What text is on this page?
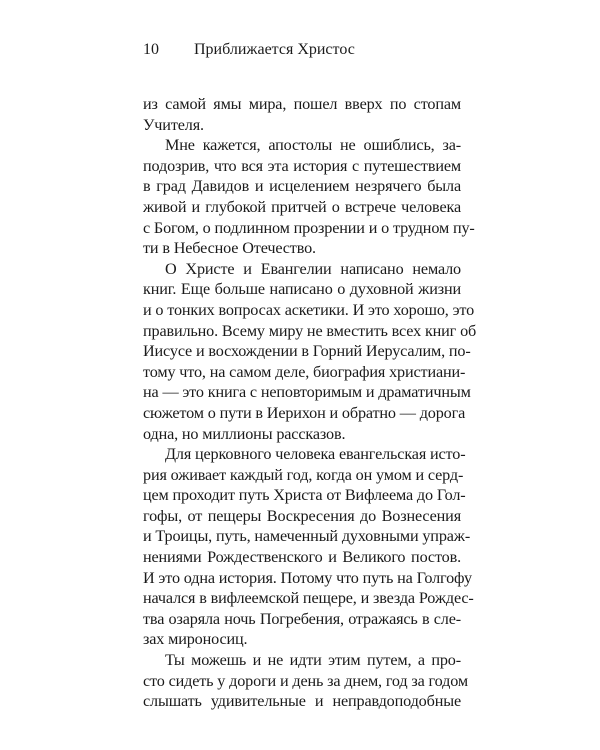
10 Приближается Христос
из самой ямы мира, пошел вверх по стопам
Учителя.
Мне кажется, апостолы не ошиблись, за-
подозрив, что вся эта история с путешествием
в град Давидов и исцелением незрячего была
живой и глубокой притчей о встрече человека
с Богом, о подлинном прозрении и о трудном пу-
ти в Небесное Отечество.
О Христе и Евангелии написано немало
книг. Еще больше написано о духовной жизни
и о тонких вопросах аскетики. И это хорошо, это
правильно. Всему миру не вместить всех книг об
Иисусе и восхождении в Горний Иерусалим, по-
тому что, на самом деле, биография христиани-
на — это книга с неповторимым и драматичным
сюжетом о пути в Иерихон и обратно — дорога
одна, но миллионы рассказов.
Для церковного человека евангельская исто-
рия оживает каждый год, когда он умом и серд-
цем проходит путь Христа от Вифлеема до Гол-
гофы, от пещеры Воскресения до Вознесения
и Троицы, путь, намеченный духовными упраж-
нениями Рождественского и Великого постов.
И это одна история. Потому что путь на Голгофу
начался в вифлеемской пещере, и звезда Рождес-
тва озаряла ночь Погребения, отражаясь в сле-
зах мироносиц.
Ты можешь и не идти этим путем, а про-
сто сидеть у дороги и день за днем, год за годом
слышать удивительные и неправдоподобные
